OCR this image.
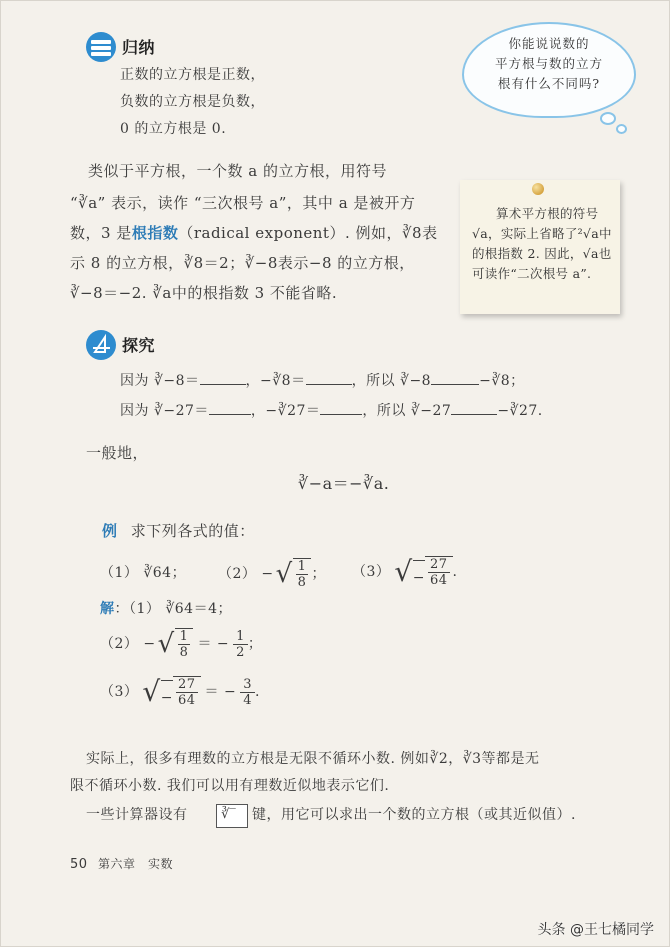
归纳
正数的立方根是正数，
负数的立方根是负数，
0 的立方根是 0.
你能说说数的
平方根与数的立方
根有什么不同吗?
类似于平方根，一个数 a 的立方根，用符号
“∛a” 表示，读作 “三次根号 a”，其中 a 是被开方
数，3 是根指数（radical exponent）. 例如，∛8表
示 8 的立方根，∛8＝2；∛−8表示−8 的立方根，
∛−8＝−2. ∛a中的根指数 3 不能省略.
算术平方根的符号
√a，实际上省略了²√a中
的根指数 2. 因此，√a也
可读作“二次根号 a”.
探究
因为 ∛−8＝	，−∛8＝	，所以 ∛−8	−∛8；
因为 ∛−27＝	，−∛27＝	，所以 ∛−27	−∛27.
一般地，
∛−a＝−∛a.
例 求下列各式的值：
（1） ∛64； （2） − √ $\frac{1}{8}$ ； （3） √ − $\frac{27}{64}$ .
解：（1） ∛64＝4；
（2） − √ $\frac{1}{8}$ ＝ − $\frac{1}{2}$ ；
（3） √ − $\frac{27}{64}$ ＝ − $\frac{3}{4}$ .
实际上，很多有理数的立方根是无限不循环小数. 例如∛2，∛3等都是无
限不循环小数. 我们可以用有理数近似地表示它们.
一些计算器设有	∛‾ 键，用它可以求出一个数的立方根（或其近似值）.
50 第六章　实数
头条 @王七橘同学
